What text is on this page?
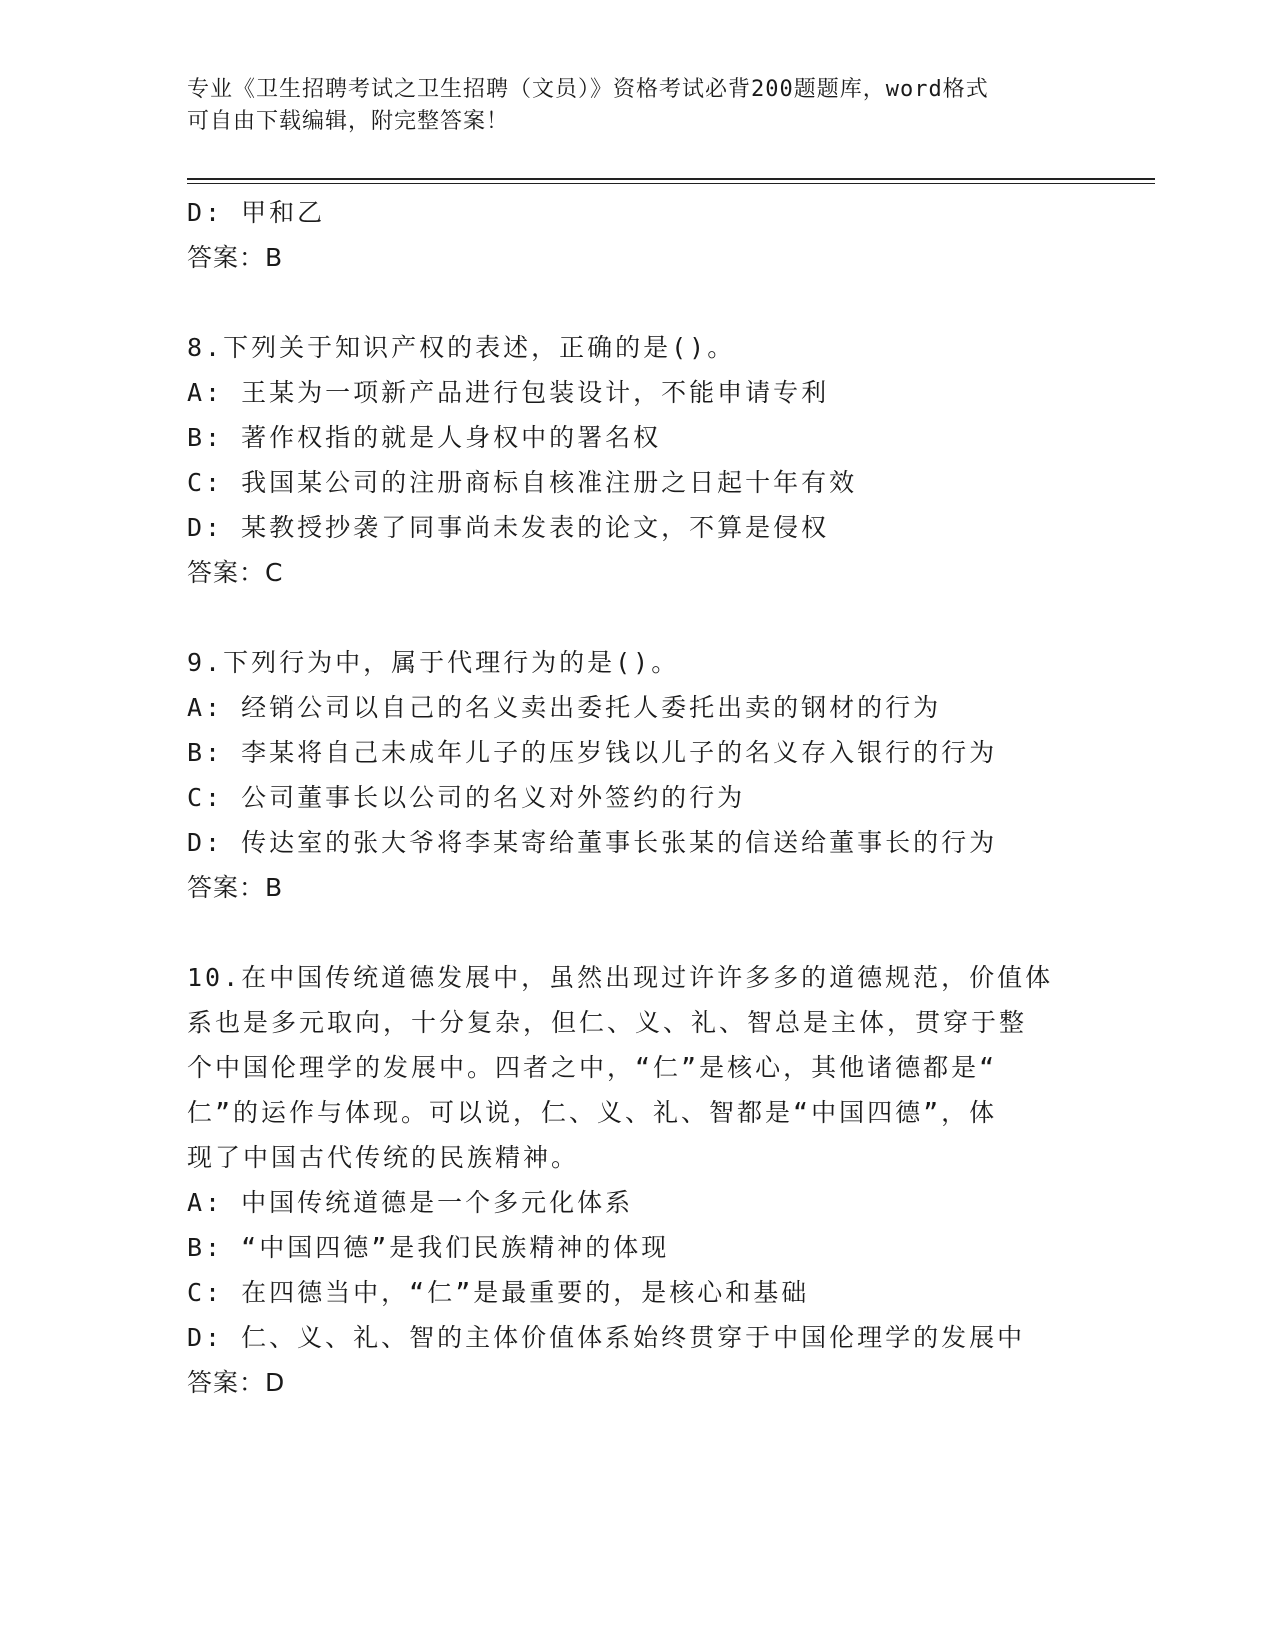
专业《卫生招聘考试之卫生招聘（文员）》资格考试必背200题题库，word格式
可自由下载编辑，附完整答案！
D: 甲和乙
答案：B
8.下列关于知识产权的表述，正确的是()。
A: 王某为一项新产品进行包装设计，不能申请专利
B: 著作权指的就是人身权中的署名权
C: 我国某公司的注册商标自核准注册之日起十年有效
D: 某教授抄袭了同事尚未发表的论文，不算是侵权
答案：C
9.下列行为中，属于代理行为的是()。
A: 经销公司以自己的名义卖出委托人委托出卖的钢材的行为
B: 李某将自己未成年儿子的压岁钱以儿子的名义存入银行的行为
C: 公司董事长以公司的名义对外签约的行为
D: 传达室的张大爷将李某寄给董事长张某的信送给董事长的行为
答案：B
10.在中国传统道德发展中，虽然出现过许许多多的道德规范，价值体
系也是多元取向，十分复杂，但仁、义、礼、智总是主体，贯穿于整
个中国伦理学的发展中。四者之中，“仁”是核心，其他诸德都是“
仁”的运作与体现。可以说，仁、义、礼、智都是“中国四德”，体
现了中国古代传统的民族精神。
A: 中国传统道德是一个多元化体系
B: “中国四德”是我们民族精神的体现
C: 在四德当中，“仁”是最重要的，是核心和基础
D: 仁、义、礼、智的主体价值体系始终贯穿于中国伦理学的发展中
答案：D
